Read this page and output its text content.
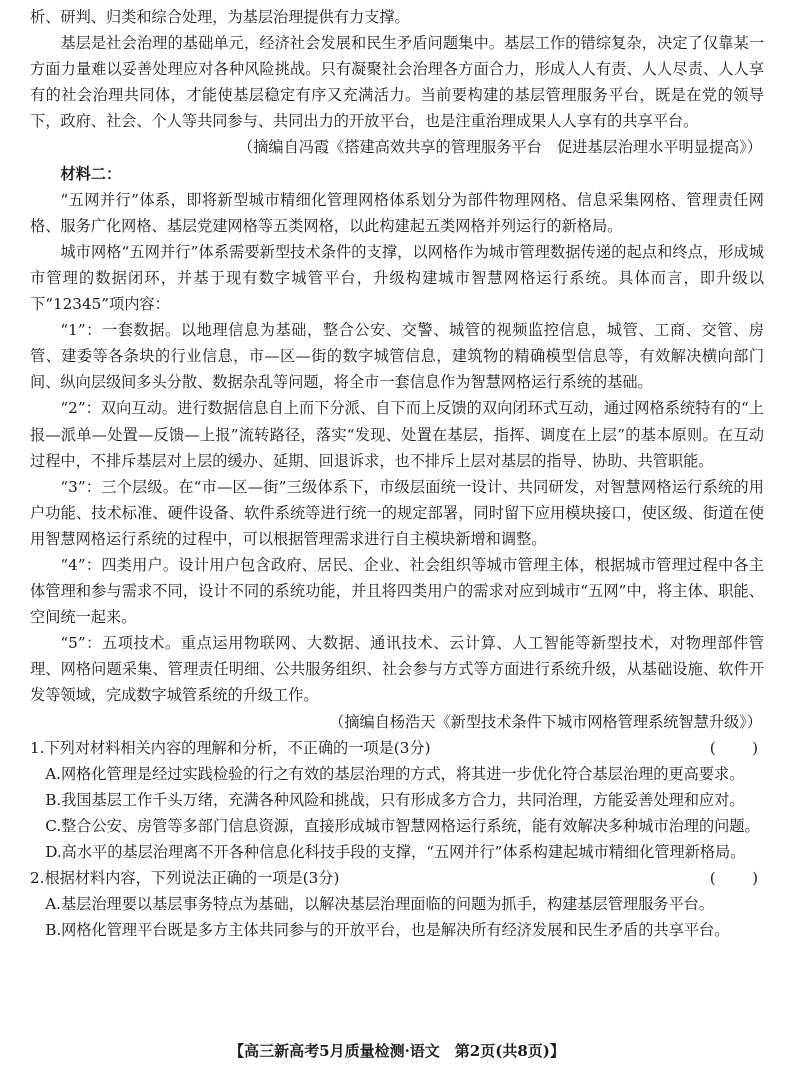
析、研判、归类和综合处理，为基层治理提供有力支撑。

基层是社会治理的基础单元，经济社会发展和民生矛盾问题集中。基层工作的错综复杂，决定了仅靠某一方面力量难以妥善处理应对各种风险挑战。只有凝聚社会治理各方面合力，形成人人有责、人人尽责、人人享有的社会治理共同体，才能使基层稳定有序又充满活力。当前要构建的基层管理服务平台，既是在党的领导下，政府、社会、个人等共同参与、共同出力的开放平台，也是注重治理成果人人享有的共享平台。

（摘编自冯霞《搭建高效共享的管理服务平台　促进基层治理水平明显提高》）

材料二：

“五网并行”体系，即将新型城市精细化管理网格体系划分为部件物理网格、信息采集网格、管理责任网格、服务广化网格、基层党建网格等五类网格，以此构建起五类网格并列运行的新格局。

城市网格“五网并行”体系需要新型技术条件的支撑，以网格作为城市管理数据传递的起点和终点，形成城市管理的数据闭环，并基于现有数字城管平台，升级构建城市智慧网格运行系统。具体而言，即升级以下“12345”项内容：

“1”：一套数据。以地理信息为基础，整合公安、交警、城管的视频监控信息，城管、工商、交管、房管、建委等各条块的行业信息，市—区—街的数字城管信息，建筑物的精确模型信息等，有效解决横向部门间、纵向层级间多头分散、数据杂乱等问题，将全市一套信息作为智慧网格运行系统的基础。

“2”：双向互动。进行数据信息自上而下分派、自下而上反馈的双向闭环式互动，通过网格系统特有的“上报—派单—处置—反馈—上报”流转路径，落实“发现、处置在基层，指挥、调度在上层”的基本原则。在互动过程中，不排斥基层对上层的缓办、延期、回退诉求，也不排斥上层对基层的指导、协助、共管职能。

“3”：三个层级。在“市—区—街”三级体系下，市级层面统一设计、共同研发，对智慧网格运行系统的用户功能、技术标准、硬件设备、软件系统等进行统一的规定部署，同时留下应用模块接口，使区级、街道在使用智慧网格运行系统的过程中，可以根据管理需求进行自主模块新增和调整。

“4”：四类用户。设计用户包含政府、居民、企业、社会组织等城市管理主体，根据城市管理过程中各主体管理和参与需求不同，设计不同的系统功能，并且将四类用户的需求对应到城市“五网”中，将主体、职能、空间统一起来。

“5”：五项技术。重点运用物联网、大数据、通讯技术、云计算、人工智能等新型技术，对物理部件管理、网格问题采集、管理责任明细、公共服务组织、社会参与方式等方面进行系统升级，从基础设施、软件开发等领域，完成数字城管系统的升级工作。

（摘编自杨浩天《新型技术条件下城市网格管理系统智慧升级》）

1.下列对材料相关内容的理解和分析，不正确的一项是(3分)	(　　)

A.网格化管理是经过实践检验的行之有效的基层治理的方式，将其进一步优化符合基层治理的更高要求。

B.我国基层工作千头万绪，充满各种风险和挑战，只有形成多方合力，共同治理，方能妥善处理和应对。

C.整合公安、房管等多部门信息资源，直接形成城市智慧网格运行系统，能有效解决多种城市治理的问题。

D.高水平的基层治理离不开各种信息化科技手段的支撑，“五网并行”体系构建起城市精细化管理新格局。

2.根据材料内容，下列说法正确的一项是(3分)	(　　)

A.基层治理要以基层事务特点为基础，以解决基层治理面临的问题为抓手，构建基层管理服务平台。

B.网格化管理平台既是多方主体共同参与的开放平台，也是解决所有经济发展和民生矛盾的共享平台。

【高三新高考5月质量检测·语文　第2页(共8页)】
